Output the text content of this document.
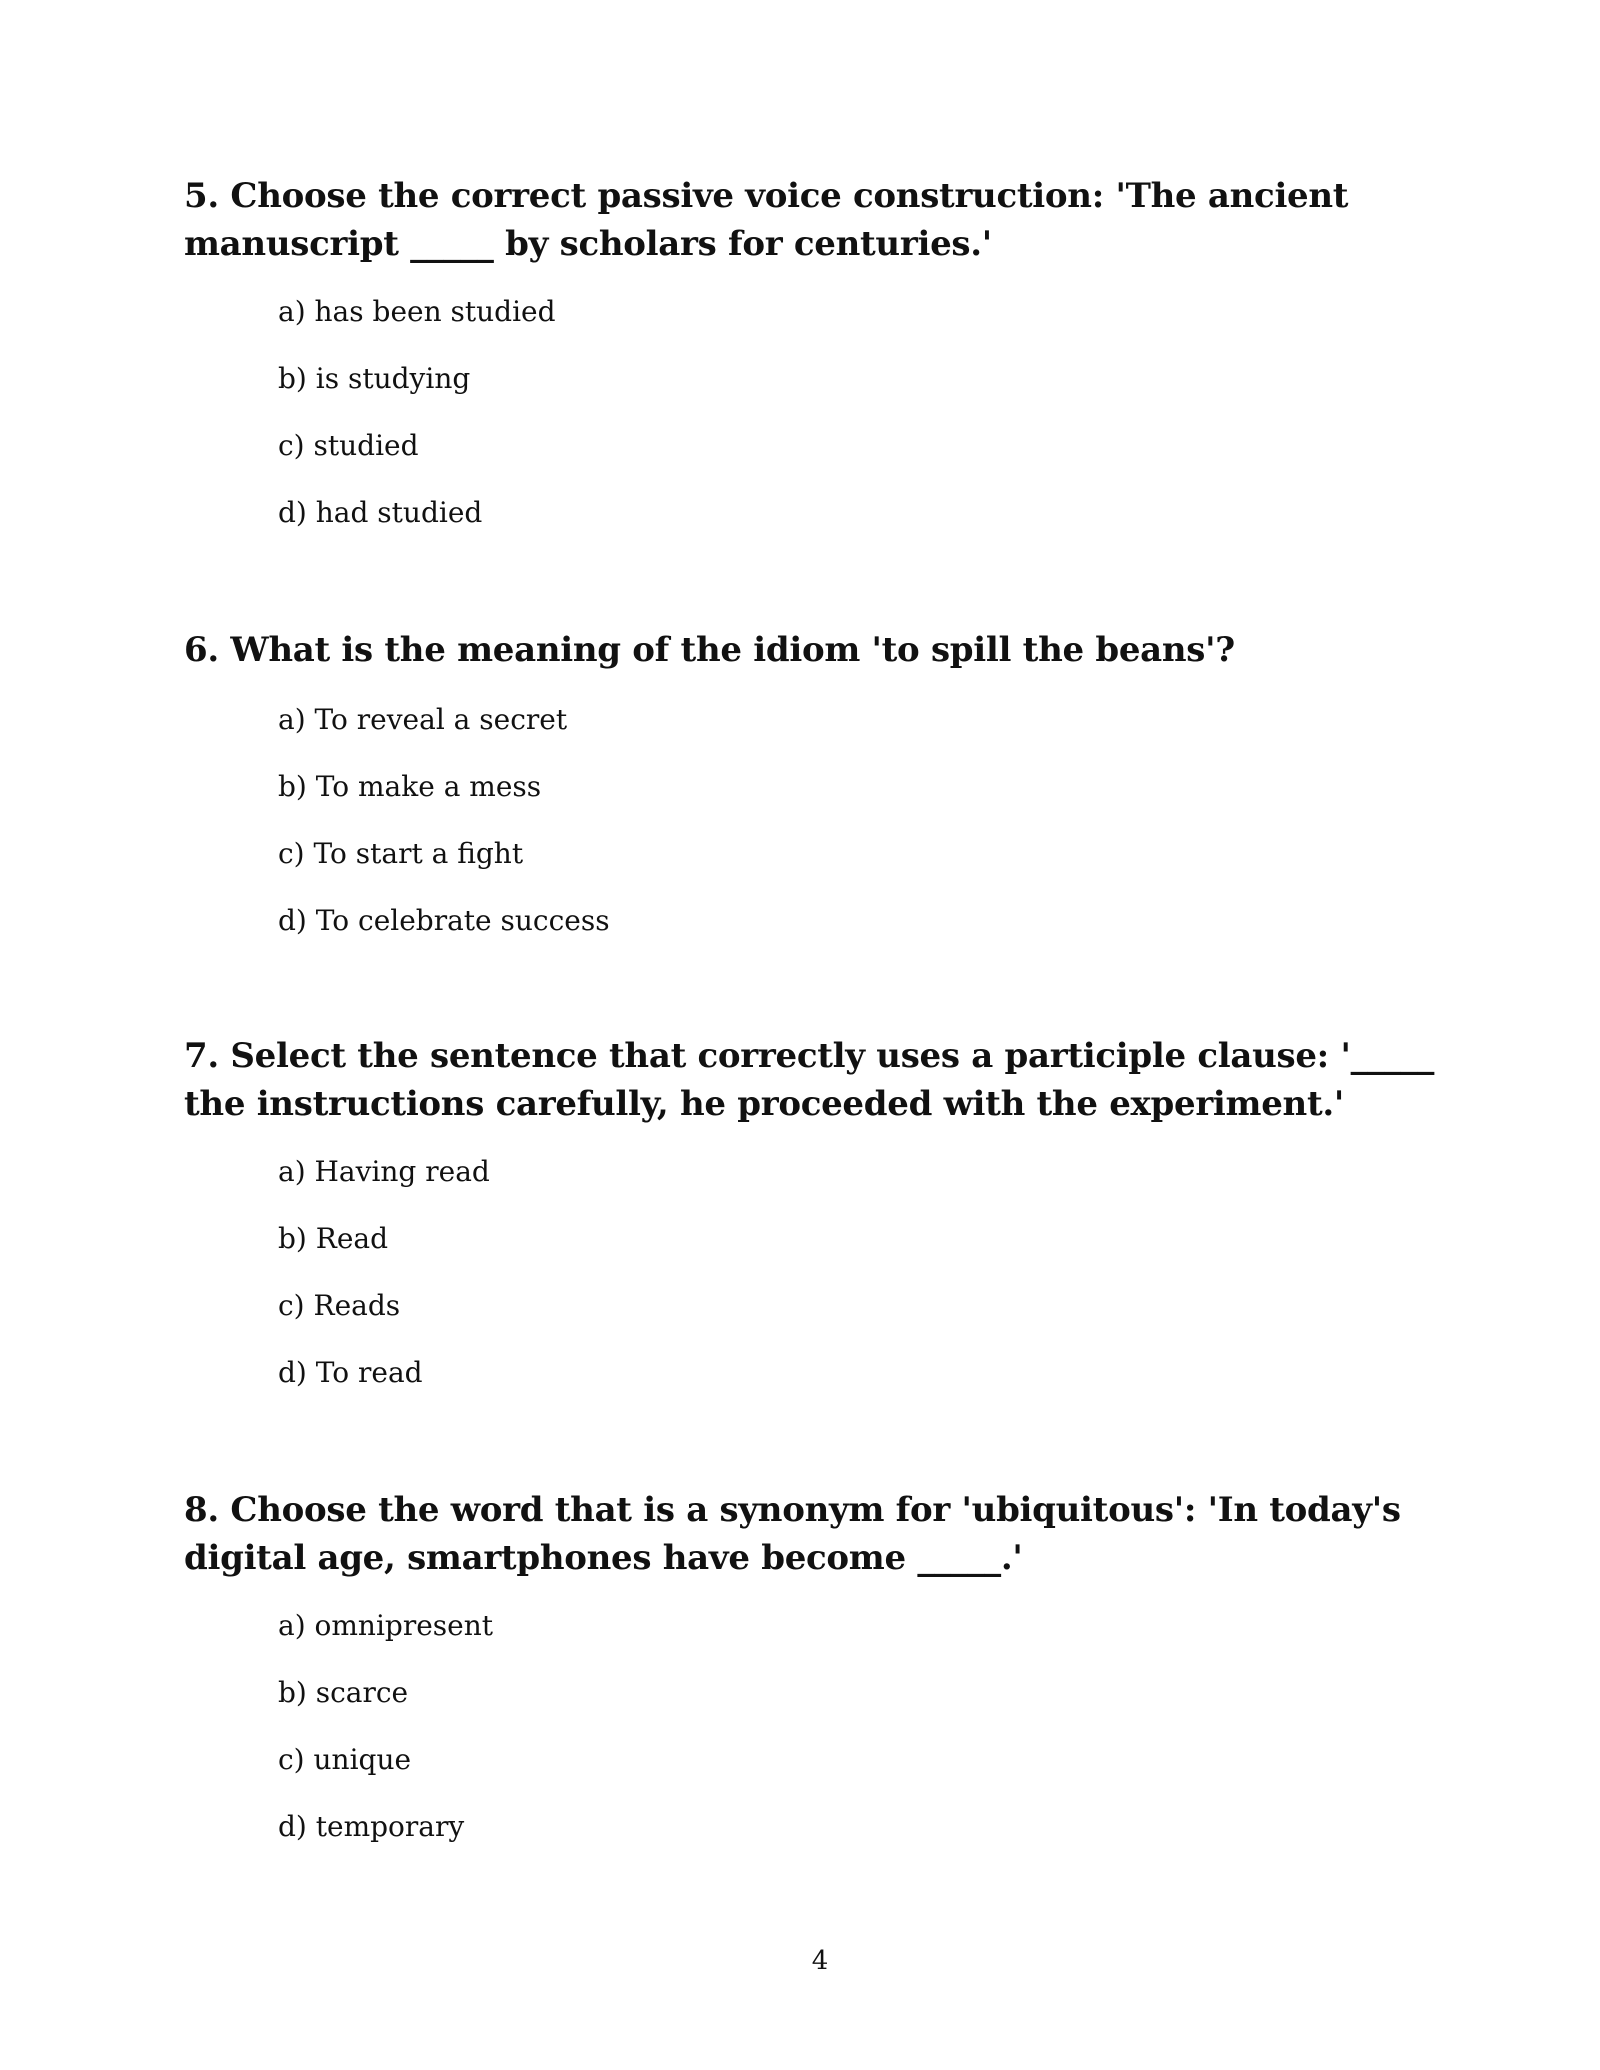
5. Choose the correct passive voice construction: 'The ancient manuscript _____ by scholars for centuries.'

a) has been studied
b) is studying
c) studied
d) had studied

6. What is the meaning of the idiom 'to spill the beans'?

a) To reveal a secret
b) To make a mess
c) To start a fight
d) To celebrate success

7. Select the sentence that correctly uses a participle clause: '_____ the instructions carefully, he proceeded with the experiment.'

a) Having read
b) Read
c) Reads
d) To read

8. Choose the word that is a synonym for 'ubiquitous': 'In today's digital age, smartphones have become _____.'

a) omnipresent
b) scarce
c) unique
d) temporary
4
